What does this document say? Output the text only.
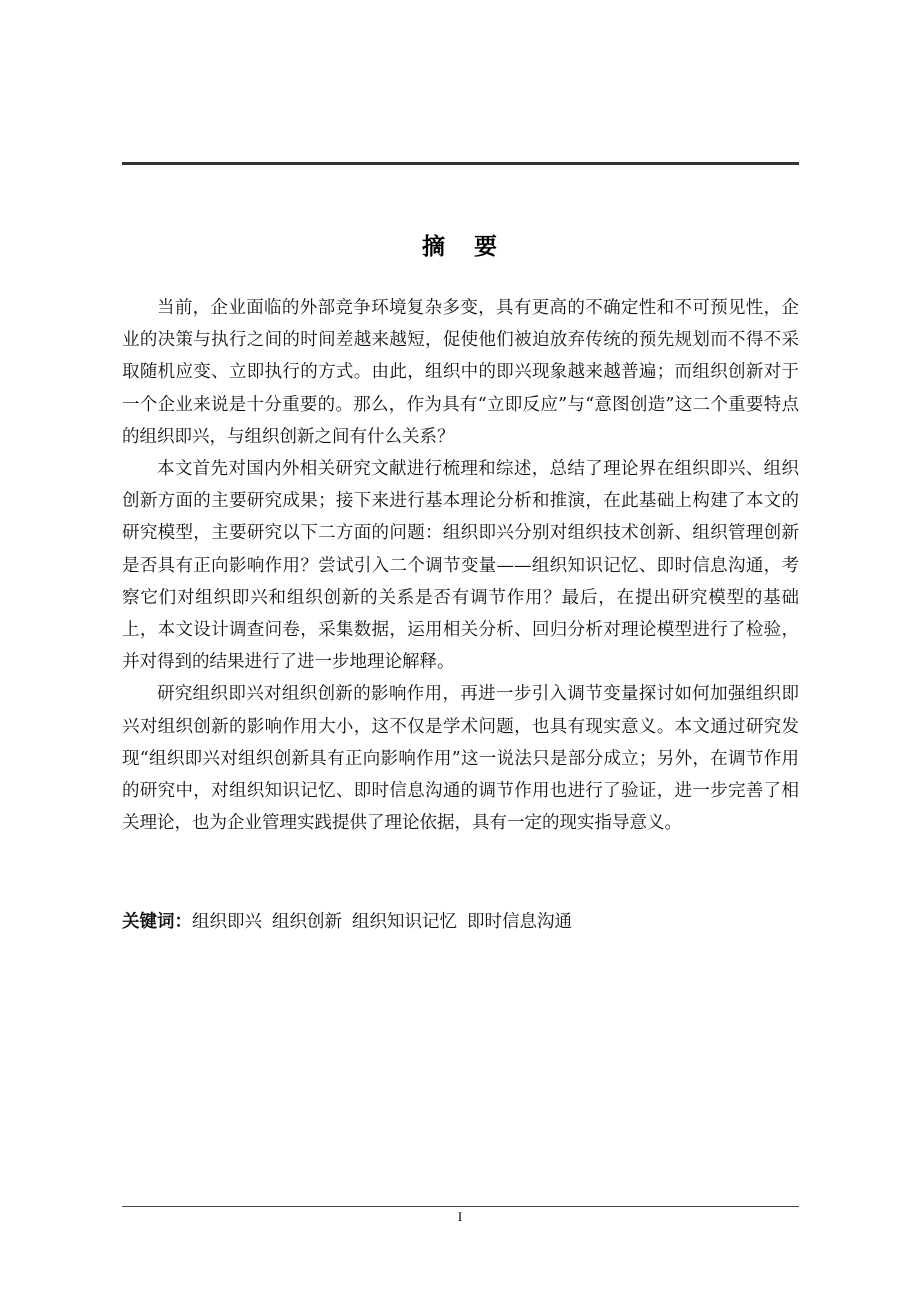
摘 要

当前，企业面临的外部竞争环境复杂多变，具有更高的不确定性和不可预见性，企业的决策与执行之间的时间差越来越短，促使他们被迫放弃传统的预先规划而不得不采取随机应变、立即执行的方式。由此，组织中的即兴现象越来越普遍；而组织创新对于一个企业来说是十分重要的。那么，作为具有“立即反应”与“意图创造”这二个重要特点的组织即兴，与组织创新之间有什么关系？

本文首先对国内外相关研究文献进行梳理和综述，总结了理论界在组织即兴、组织创新方面的主要研究成果；接下来进行基本理论分析和推演，在此基础上构建了本文的研究模型，主要研究以下二方面的问题：组织即兴分别对组织技术创新、组织管理创新是否具有正向影响作用？尝试引入二个调节变量——组织知识记忆、即时信息沟通，考察它们对组织即兴和组织创新的关系是否有调节作用？最后，在提出研究模型的基础上，本文设计调查问卷，采集数据，运用相关分析、回归分析对理论模型进行了检验，并对得到的结果进行了进一步地理论解释。

研究组织即兴对组织创新的影响作用，再进一步引入调节变量探讨如何加强组织即兴对组织创新的影响作用大小，这不仅是学术问题，也具有现实意义。本文通过研究发现“组织即兴对组织创新具有正向影响作用”这一说法只是部分成立；另外，在调节作用的研究中，对组织知识记忆、即时信息沟通的调节作用也进行了验证，进一步完善了相关理论，也为企业管理实践提供了理论依据，具有一定的现实指导意义。

关键词：组织即兴 组织创新 组织知识记忆 即时信息沟通
I
